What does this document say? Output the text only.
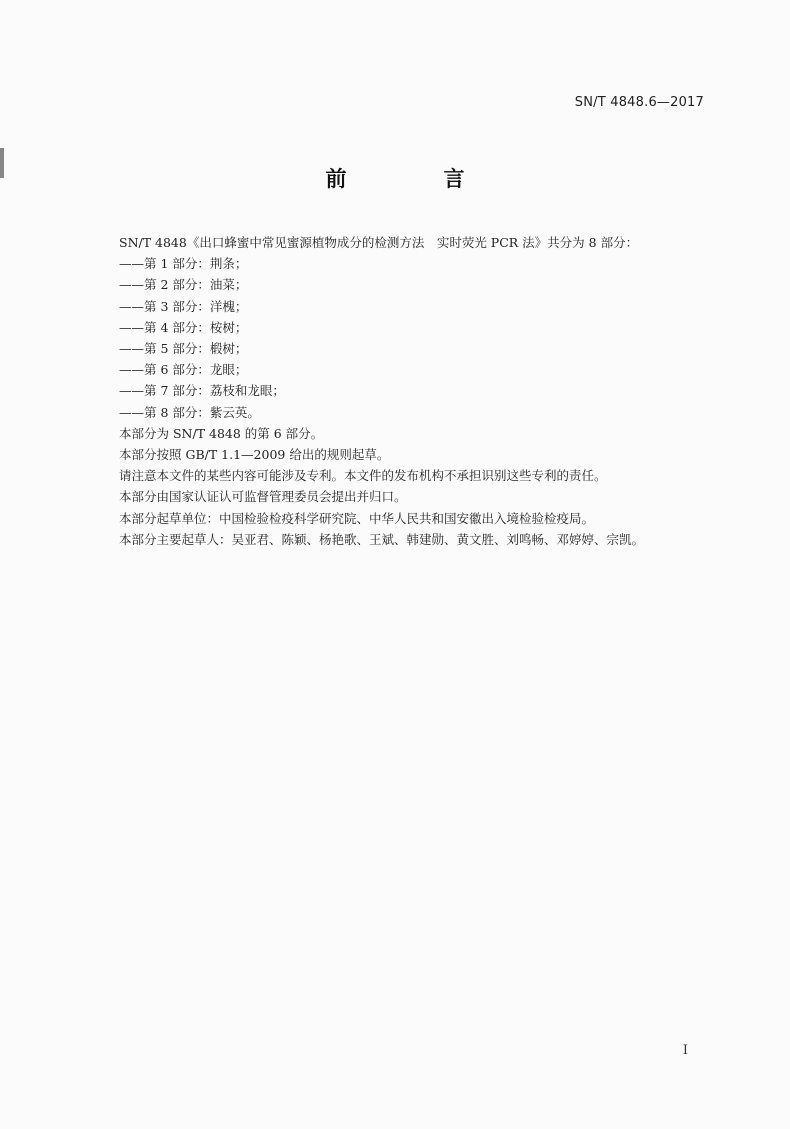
SN/T 4848.6—2017
前　言
SN/T 4848《出口蜂蜜中常见蜜源植物成分的检测方法　实时荧光 PCR 法》共分为 8 部分：
——第 1 部分：荆条；
——第 2 部分：油菜；
——第 3 部分：洋槐；
——第 4 部分：桉树；
——第 5 部分：椴树；
——第 6 部分：龙眼；
——第 7 部分：荔枝和龙眼；
——第 8 部分：紫云英。
本部分为 SN/T 4848 的第 6 部分。
本部分按照 GB/T 1.1—2009 给出的规则起草。
请注意本文件的某些内容可能涉及专利。本文件的发布机构不承担识别这些专利的责任。
本部分由国家认证认可监督管理委员会提出并归口。
本部分起草单位：中国检验检疫科学研究院、中华人民共和国安徽出入境检验检疫局。
本部分主要起草人：吴亚君、陈颖、杨艳歌、王斌、韩建勋、黄文胜、刘鸣畅、邓婷婷、宗凯。
I
